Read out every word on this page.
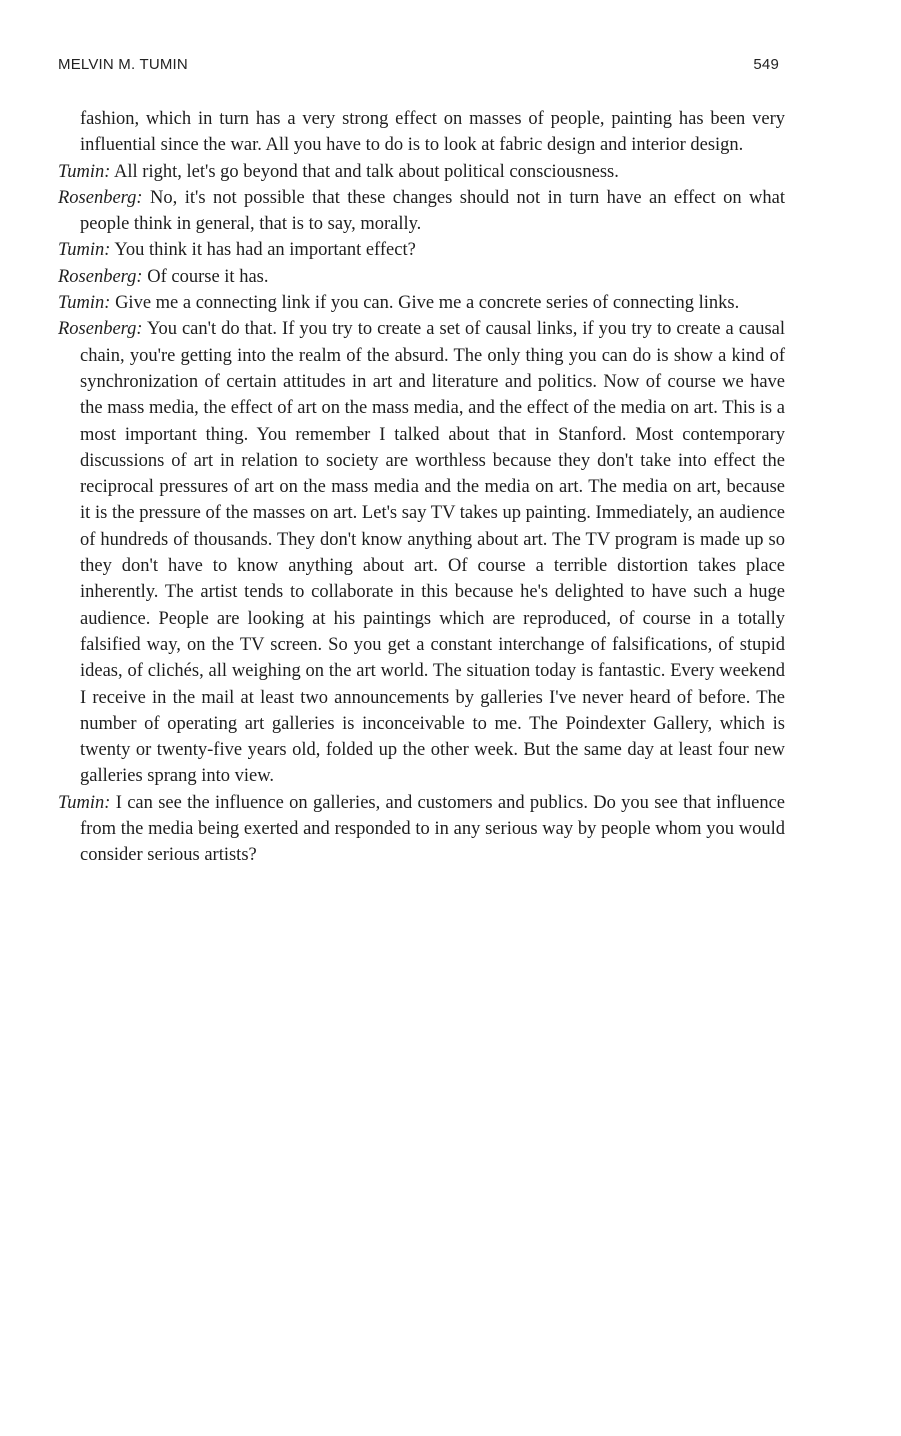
MELVIN M. TUMIN	549

fashion, which in turn has a very strong effect on masses of people, painting has been very influential since the war. All you have to do is to look at fabric design and interior design.

Tumin: All right, let's go beyond that and talk about political consciousness.

Rosenberg: No, it's not possible that these changes should not in turn have an effect on what people think in general, that is to say, morally.

Tumin: You think it has had an important effect?

Rosenberg: Of course it has.

Tumin: Give me a connecting link if you can. Give me a concrete series of connecting links.

Rosenberg: You can't do that. If you try to create a set of causal links, if you try to create a causal chain, you're getting into the realm of the absurd. The only thing you can do is show a kind of synchronization of certain attitudes in art and literature and politics. Now of course we have the mass media, the effect of art on the mass media, and the effect of the media on art. This is a most important thing. You remember I talked about that in Stanford. Most contemporary discussions of art in relation to society are worthless because they don't take into effect the reciprocal pressures of art on the mass media and the media on art. The media on art, because it is the pressure of the masses on art. Let's say TV takes up painting. Immediately, an audience of hundreds of thousands. They don't know anything about art. The TV program is made up so they don't have to know anything about art. Of course a terrible distortion takes place inherently. The artist tends to collaborate in this because he's delighted to have such a huge audience. People are looking at his paintings which are reproduced, of course in a totally falsified way, on the TV screen. So you get a constant interchange of falsifications, of stupid ideas, of clichés, all weighing on the art world. The situation today is fantastic. Every weekend I receive in the mail at least two announcements by galleries I've never heard of before. The number of operating art galleries is inconceivable to me. The Poindexter Gallery, which is twenty or twenty-five years old, folded up the other week. But the same day at least four new galleries sprang into view.

Tumin: I can see the influence on galleries, and customers and publics. Do you see that influence from the media being exerted and responded to in any serious way by people whom you would consider serious artists?
